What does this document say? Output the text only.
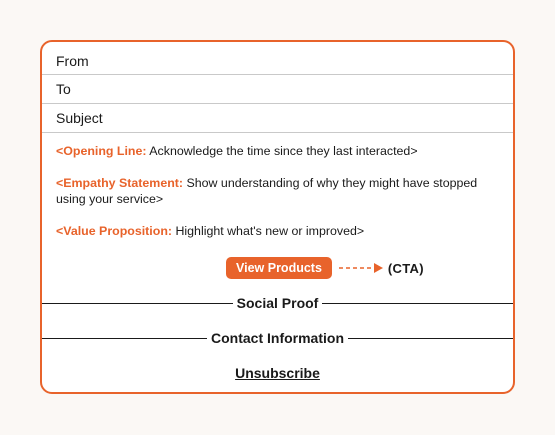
From
To
Subject

<Opening Line: Acknowledge the time since they last interacted>

<Empathy Statement: Show understanding of why they might have stopped using your service>

<Value Proposition: Highlight what's new or improved>

View Products	(CTA)
Social Proof
Contact Information
Unsubscribe
